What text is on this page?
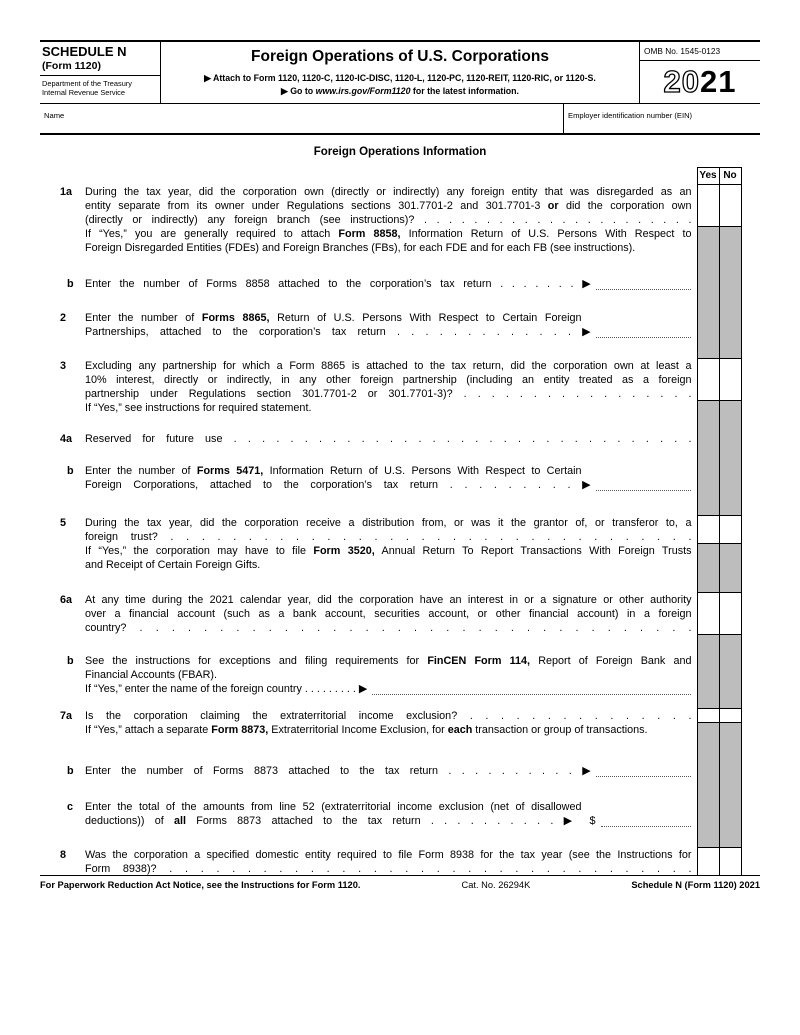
SCHEDULE N
(Form 1120)
Department of the Treasury
Internal Revenue Service
Foreign Operations of U.S. Corporations
▶ Attach to Form 1120, 1120-C, 1120-IC-DISC, 1120-L, 1120-PC, 1120-REIT, 1120-RIC, or 1120-S.
▶ Go to www.irs.gov/Form1120 for the latest information.
OMB No. 1545-0123
20 21
Name	Employer identification number (EIN)
Foreign Operations Information
		Yes	No
1a	During the tax year, did the corporation own (directly or indirectly) any foreign entity that was disregarded as an		

	entity separate from its owner under Regulations sections 301.7701-2 and 301.7701-3 or did the corporation own		

	(directly or indirectly) any foreign branch (see instructions)? . . . . . . . . . . . . . . . . . . . . . .		

	If “Yes,” you are generally required to attach Form 8858, Information Return of U.S. Persons With Respect to		

	Foreign Disregarded Entities (FDEs) and Foreign Branches (FBs), for each FDE and for each FB (see instructions).		

b	Enter the number of Forms 8858 attached to the corporation’s tax return . . . . . . . ▶		

2	Enter the number of Forms 8865, Return of U.S. Persons With Respect to Certain Foreign		

	Partnerships, attached to the corporation’s tax return . . . . . . . . . . . . . ▶		

3	Excluding any partnership for which a Form 8865 is attached to the tax return, did the corporation own at least a		

	10% interest, directly or indirectly, in any other foreign partnership (including an entity treated as a foreign		

	partnership under Regulations section 301.7701-2 or 301.7701-3)? . . . . . . . . . . . . . . . . .		

	If “Yes,” see instructions for required statement.		

4a	Reserved for future use . . . . . . . . . . . . . . . . . . . . . . . . . . . . . . . . .		

b	Enter the number of Forms 5471, Information Return of U.S. Persons With Respect to Certain		

	Foreign Corporations, attached to the corporation’s tax return . . . . . . . . . ▶		

5	During the tax year, did the corporation receive a distribution from, or was it the grantor of, or transferor to, a		

	foreign trust? . . . . . . . . . . . . . . . . . . . . . . . . . . . . . . . . . .		

	If “Yes,” the corporation may have to file Form 3520, Annual Return To Report Transactions With Foreign Trusts		

	and Receipt of Certain Foreign Gifts.		

6a	At any time during the 2021 calendar year, did the corporation have an interest in or a signature or other authority		

	over a financial account (such as a bank account, securities account, or other financial account) in a foreign		

	country? . . . . . . . . . . . . . . . . . . . . . . . . . . . . . . . . . . .		

b	See the instructions for exceptions and filing requirements for FinCEN Form 114, Report of Foreign Bank and		

	Financial Accounts (FBAR).		

	If “Yes,” enter the name of the foreign country . . . . . . . . . ▶		

7a	Is the corporation claiming the extraterritorial income exclusion? . . . . . . . . . . . . . . .		

	If “Yes,” attach a separate Form 8873, Extraterritorial Income Exclusion, for each transaction or group of transactions.		

b	Enter the number of Forms 8873 attached to the tax return . . . . . . . . . . ▶		

c	Enter the total of the amounts from line 52 (extraterritorial income exclusion (net of disallowed		

	deductions)) of all Forms 8873 attached to the tax return . . . . . . . . . . ▶ $		

8	Was the corporation a specified domestic entity required to file Form 8938 for the tax year (see the Instructions for		

	Form 8938)? . . . . . . . . . . . . . . . . . . . . . . . . . . . . . . . . . .		
For Paperwork Reduction Act Notice, see the Instructions for Form 1120.	Cat. No. 26294K	Schedule N (Form 1120) 2021
